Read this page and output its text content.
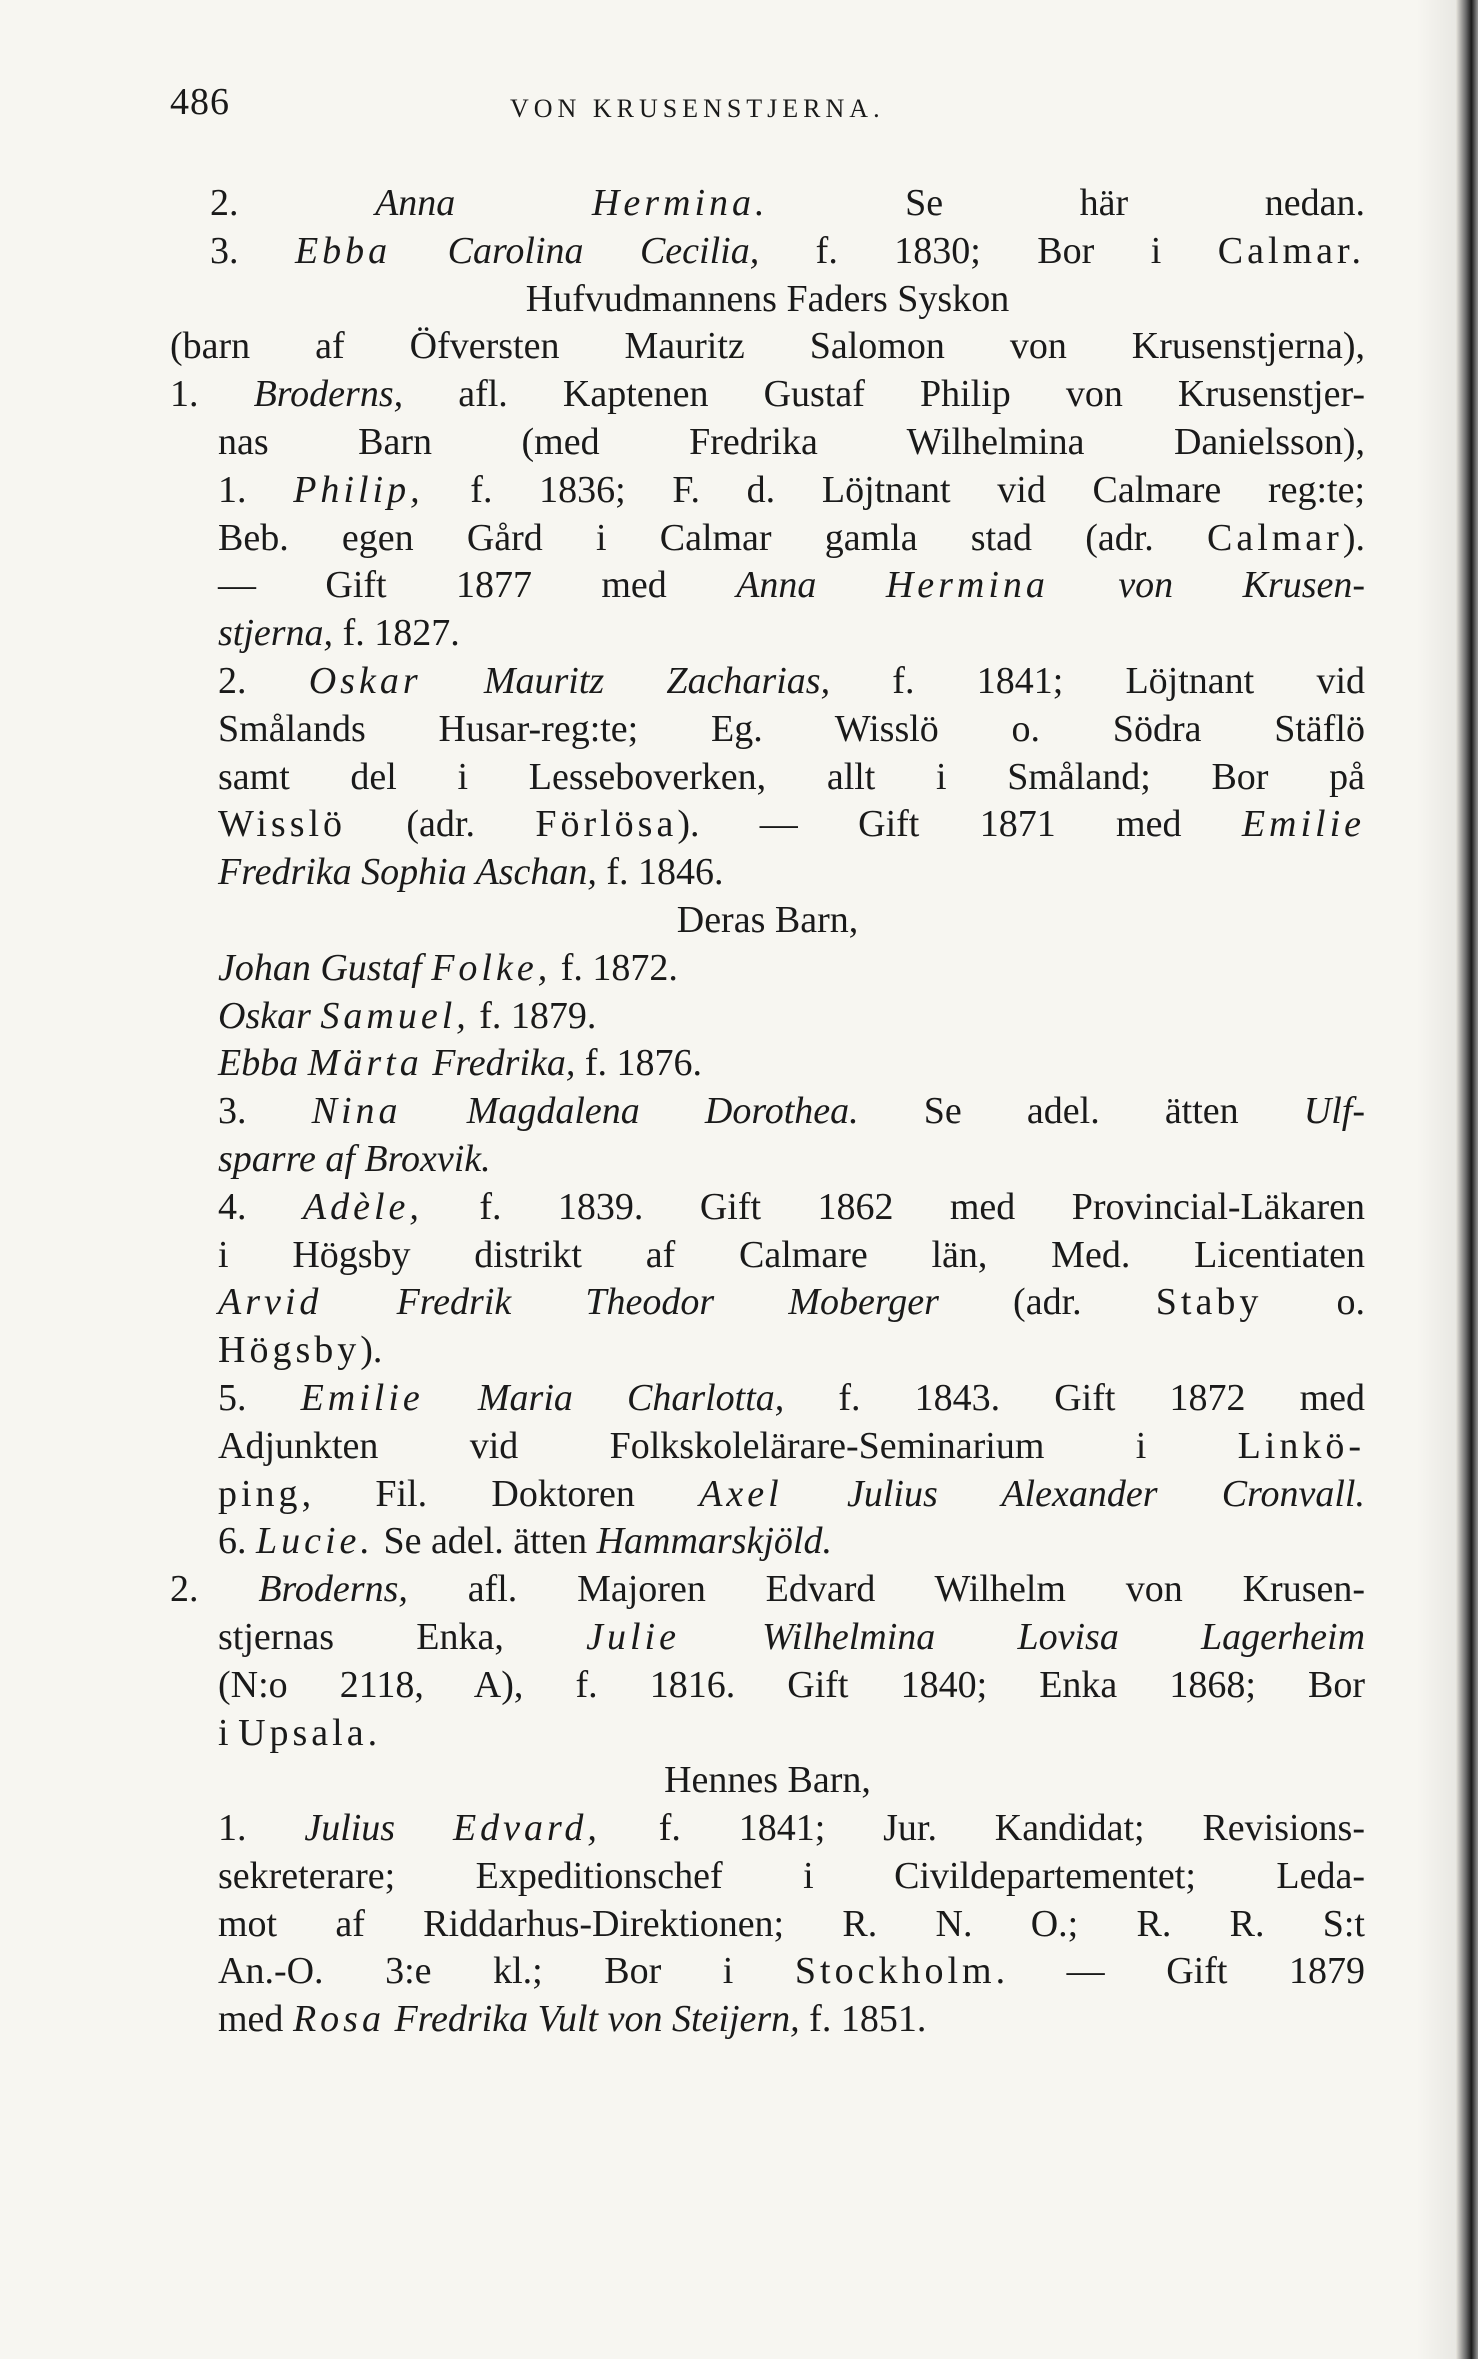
486	VON KRUSENSTJERNA.
2. Anna	Hermina. Se här nedan.
3. Ebba Carolina Cecilia, f. 1830; Bor i Calmar.
Hufvudmannens Faders Syskon
(barn af Öfversten Mauritz Salomon von Krusenstjerna),
1. Broderns, afl. Kaptenen Gustaf Philip von Krusenstjer-
nas Barn (med Fredrika Wilhelmina Danielsson),
1. Philip, f. 1836; F. d. Löjtnant vid Calmare reg:te;
Beb. egen Gård i Calmar gamla stad (adr. Calmar).
— Gift 1877 med Anna Hermina von Krusen-
stjerna, f. 1827.
2. Oskar Mauritz Zacharias, f. 1841; Löjtnant vid
Smålands Husar-reg:te; Eg. Wisslö o. Södra Stäflö
samt del i Lesseboverken, allt i Småland; Bor på
Wisslö (adr. Förlösa). — Gift 1871 med Emilie
Fredrika Sophia Aschan, f. 1846.
Deras Barn,
Johan Gustaf Folke, f. 1872.
Oskar Samuel, f. 1879.
Ebba Märta Fredrika, f. 1876.
3. Nina Magdalena Dorothea. Se adel. ätten Ulf-
sparre af Broxvik.
4. Adèle, f. 1839. Gift 1862 med Provincial-Läkaren
i Högsby distrikt af Calmare län, Med. Licentiaten
Arvid Fredrik Theodor Moberger (adr. Staby o.
Högsby).
5. Emilie Maria Charlotta, f. 1843. Gift 1872 med
Adjunkten vid Folkskolelärare-Seminarium i Linkö-
ping, Fil. Doktoren Axel Julius Alexander Cronvall.
6. Lucie. Se adel. ätten Hammarskjöld.
2. Broderns, afl. Majoren Edvard Wilhelm von Krusen-
stjernas Enka, Julie Wilhelmina Lovisa Lagerheim
(N:o 2118, A), f. 1816. Gift 1840; Enka 1868; Bor
i Upsala.
Hennes Barn,
1. Julius Edvard, f. 1841; Jur. Kandidat; Revisions-
sekreterare; Expeditionschef i Civildepartementet; Leda-
mot af Riddarhus-Direktionen; R. N. O.; R. R. S:t
An.-O. 3:e kl.; Bor i Stockholm. — Gift 1879
med Rosa Fredrika Vult von Steijern, f. 1851.
